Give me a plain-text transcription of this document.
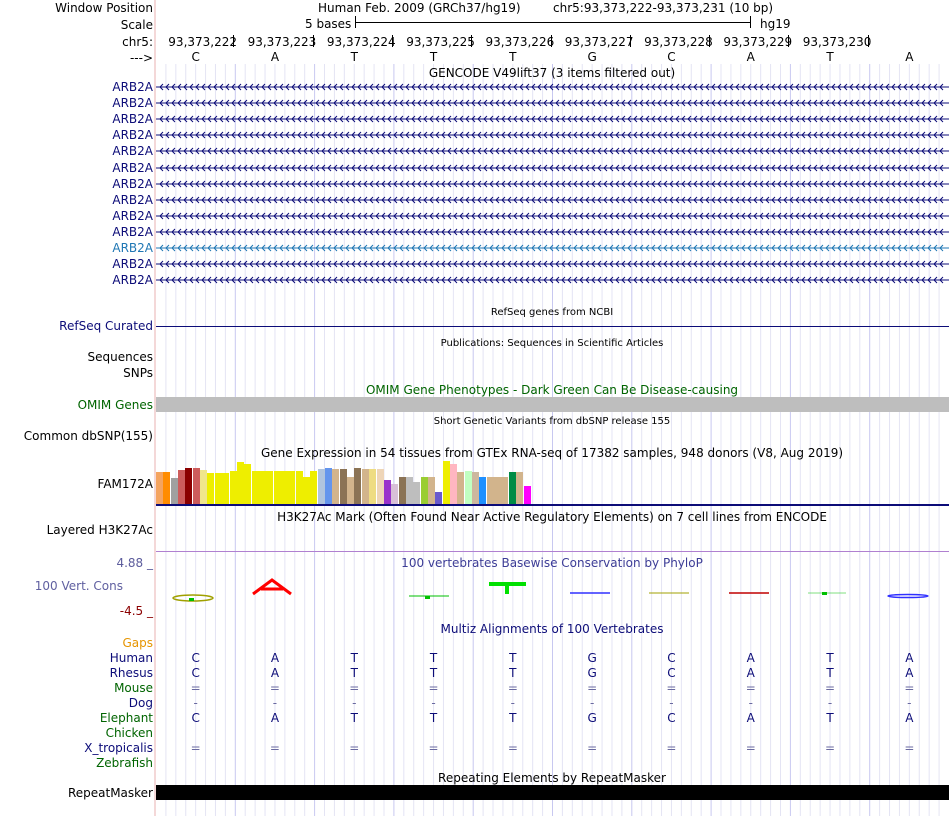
Window Position	Human Feb. 2009 (GRCh37/hg19)	chr5:93,373,222-93,373,231 (10 bp)
Scale	5 bases	hg19
chr5: 93,373,222 93,373,223 93,373,224 93,373,225 93,373,226 93,373,227 93,373,228 93,373,229 93,373,230
--->	C	A	T	T	T	G	C	A	T	A
GENCODE V49lift37 (3 items filtered out)
ARB2A
ARB2A
ARB2A
ARB2A
ARB2A
ARB2A
ARB2A
ARB2A
ARB2A
ARB2A
ARB2A
ARB2A
ARB2A
RefSeq genes from NCBI
RefSeq Curated
Publications: Sequences in Scientific Articles
Sequences
SNPs
OMIM Gene Phenotypes - Dark Green Can Be Disease-causing
OMIM Genes
Short Genetic Variants from dbSNP release 155
Common dbSNP(155)
Gene Expression in 54 tissues from GTEx RNA-seq of 17382 samples, 948 donors (V8, Aug 2019)
FAM172A
H3K27Ac Mark (Often Found Near Active Regulatory Elements) on 7 cell lines from ENCODE
Layered H3K27Ac
100 vertebrates Basewise Conservation by PhyloP
4.88 _
100 Vert. Cons
-4.5 _
Multiz Alignments of 100 Vertebrates
Gaps
Human	C	A	T	T	T	G	C	A	T	A
Rhesus	C	A	T	T	T	G	C	A	T	A
Mouse	=	=	=	=	=	=	=	=	=	=
Dog	-	-	-	-	-	-	-	-	-	-
Elephant	C	A	T	T	T	G	C	A	T	A
Chicken
X_tropicalis	=	=	=	=	=	=	=	=	=	=
Zebrafish
Repeating Elements by RepeatMasker
RepeatMasker
